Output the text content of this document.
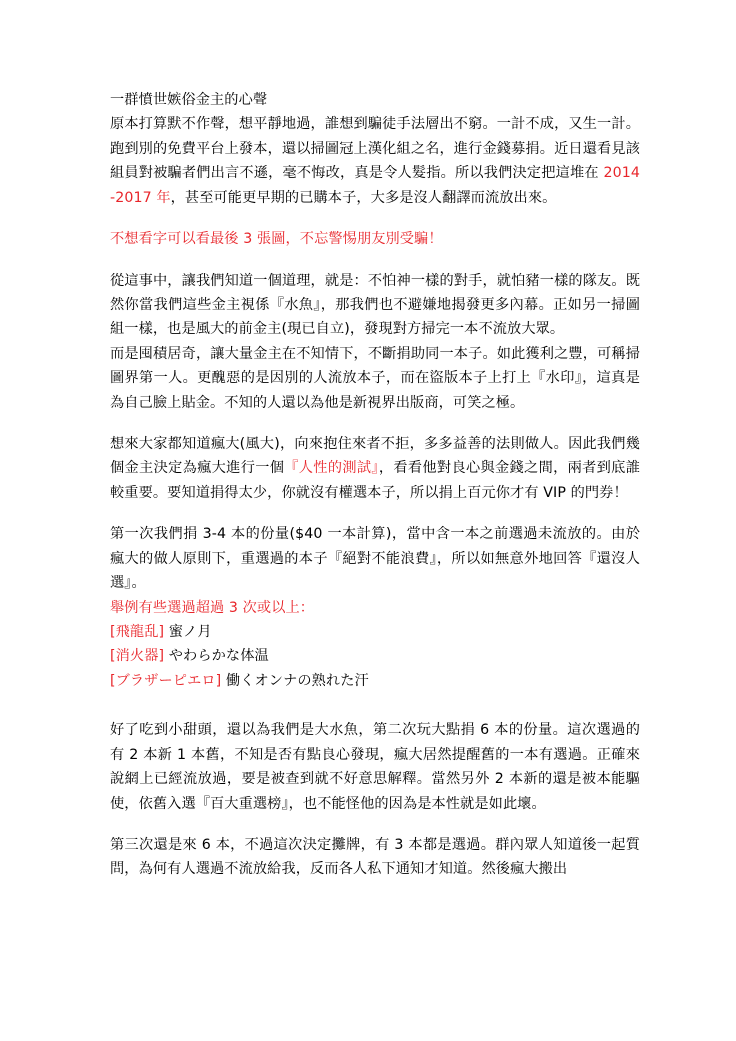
一群憤世嫉俗金主的心聲
原本打算默不作聲，想平靜地過，誰想到騙徒手法層出不窮。一計不成，又生一計。跑到別的免費平台上發本，還以掃圖冠上漢化組之名，進行金錢募捐。近日還看見該組員對被騙者們出言不遜，毫不悔改，真是令人髮指。所以我們決定把這堆在 2014-2017 年，甚至可能更早期的已購本子，大多是沒人翻譯而流放出來。
不想看字可以看最後 3 張圖，不忘警惕朋友別受騙！
從這事中，讓我們知道一個道理，就是：不怕神一樣的對手，就怕豬一樣的隊友。既然你當我們這些金主視係『水魚』，那我們也不避嫌地揭發更多內幕。正如另一掃圖組一樣，也是風大的前金主(現已自立)，發現對方掃完一本不流放大眾。
而是囤積居奇，讓大量金主在不知情下，不斷捐助同一本子。如此獲利之豐，可稱掃圖界第一人。更醜惡的是因別的人流放本子，而在盜版本子上打上『水印』，這真是為自己臉上貼金。不知的人還以為他是新視界出版商，可笑之極。
想來大家都知道瘋大(風大)，向來抱住來者不拒，多多益善的法則做人。因此我們幾個金主決定為瘋大進行一個『人性的測試』，看看他對良心與金錢之間，兩者到底誰較重要。要知道捐得太少，你就沒有權選本子，所以捐上百元你才有 VIP 的門券！
第一次我們捐 3-4 本的份量($40 一本計算)，當中含一本之前選過未流放的。由於瘋大的做人原則下，重選過的本子『絕對不能浪費』，所以如無意外地回答『還沒人選』。
舉例有些選過超過 3 次或以上：
[飛龍乱] 蜜ノ月
[消火器] やわらかな体温
[ブラザーピエロ] 働くオンナの熟れた汗
好了吃到小甜頭，還以為我們是大水魚，第二次玩大點捐 6 本的份量。這次選過的有 2 本新 1 本舊，不知是否有點良心發現，瘋大居然提醒舊的一本有選過。正確來說網上已經流放過，要是被查到就不好意思解釋。當然另外 2 本新的還是被本能驅使，依舊入選『百大重選榜』，也不能怪他的因為是本性就是如此壞。
第三次還是來 6 本，不過這次決定攤牌，有 3 本都是選過。群內眾人知道後一起質問，為何有人選過不流放給我，反而各人私下通知才知道。然後瘋大搬出
